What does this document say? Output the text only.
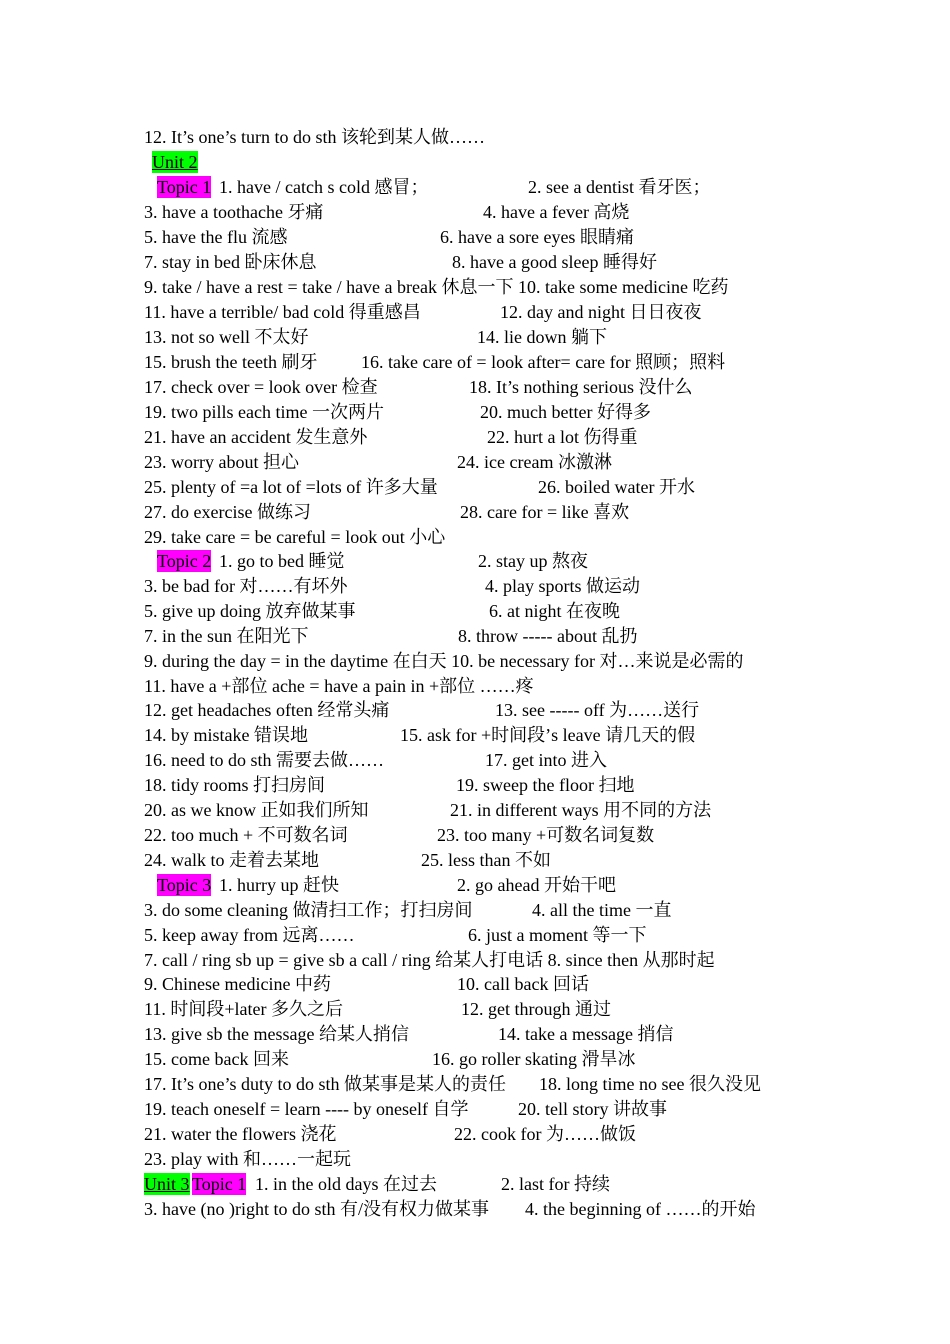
12. It’s one’s turn to do sth 该轮到某人做……
Unit 2
Topic 1 1. have / catch s cold 感冒；	2. see a dentist 看牙医；
3. have a toothache 牙痛	4. have a fever 高烧
5. have the flu 流感	6. have a sore eyes 眼睛痛
7. stay in bed 卧床休息	8. have a good sleep 睡得好
9. take / have a rest = take / have a break 休息一下 10. take some medicine 吃药
11. have a terrible/ bad cold 得重感昌	12. day and night 日日夜夜
13. not so well 不太好	14. lie down 躺下
15. brush the teeth 刷牙 16. take care of = look after= care for 照顾；照料
17. check over = look over 检查	18. It’s nothing serious 没什么
19. two pills each time 一次两片	20. much better 好得多
21. have an accident 发生意外	22. hurt a lot 伤得重
23. worry about 担心	24. ice cream 冰激淋
25. plenty of =a lot of =lots of 许多大量	26. boiled water 开水
27. do exercise 做练习	28. care for = like 喜欢
29. take care = be careful = look out 小心
Topic 2 1. go to bed 睡觉	2. stay up 熬夜
3. be bad for 对……有坏外	4. play sports 做运动
5. give up doing 放弃做某事	6. at night 在夜晚
7. in the sun 在阳光下	8. throw ----- about 乱扔
9. during the day = in the daytime 在白天 10. be necessary for 对…来说是必需的
11. have a +部位 ache = have a pain in +部位 ……疼
12. get headaches often 经常头痛	13. see ----- off 为……送行
14. by mistake 错误地	15. ask for +时间段’s leave 请几天的假
16. need to do sth 需要去做……	17. get into 进入
18. tidy rooms 打扫房间	19. sweep the floor 扫地
20. as we know 正如我们所知	21. in different ways 用不同的方法
22. too much + 不可数名词	23. too many +可数名词复数
24. walk to 走着去某地	25. less than 不如
Topic 3 1. hurry up 赶快	2. go ahead 开始干吧
3. do some cleaning 做清扫工作；打扫房间	4. all the time 一直
5. keep away from 远离……	6. just a moment 等一下
7. call / ring sb up = give sb a call / ring 给某人打电话 8. since then 从那时起
9. Chinese medicine 中药	10. call back 回话
11. 时间段+later 多久之后	12. get through 通过
13. give sb the message 给某人捎信	14. take a message 捎信
15. come back 回来	16. go roller skating 滑旱冰
17. It’s one’s duty to do sth 做某事是某人的责任 18. long time no see 很久没见
19. teach oneself = learn ---- by oneself 自学	20. tell story 讲故事
21. water the flowers 浇花	22. cook for 为……做饭
23. play with 和……一起玩
Unit 3 Topic 1 1. in the old days 在过去	2. last for 持续
3. have (no )right to do sth 有/没有权力做某事 4. the beginning of ……的开始
